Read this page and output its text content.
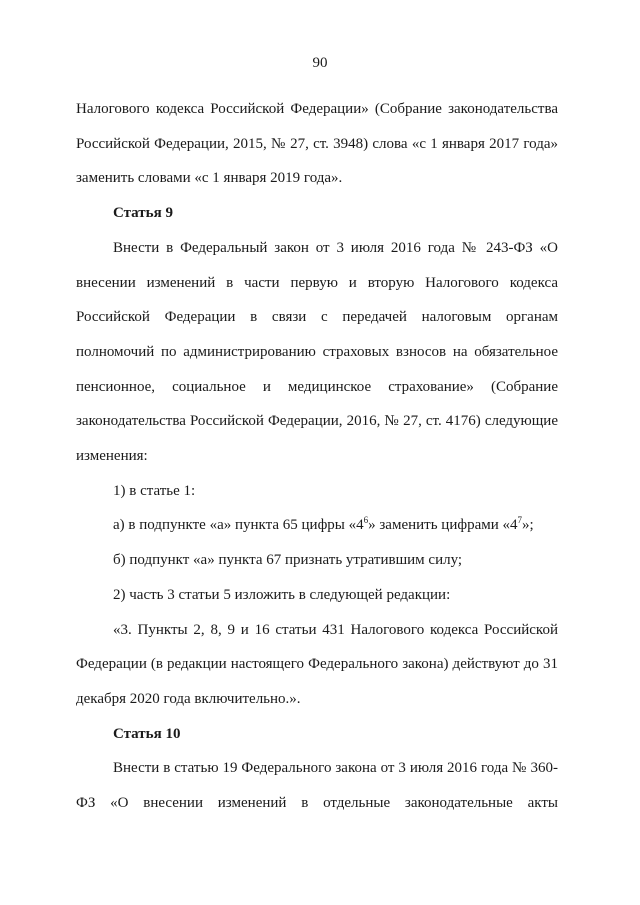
90

Налогового кодекса Российской Федерации» (Собрание законодательства Российской Федерации, 2015, № 27, ст. 3948) слова «с 1 января 2017 года» заменить словами «с 1 января 2019 года».

Статья 9

Внести в Федеральный закон от 3 июля 2016 года № 243-ФЗ «О внесении изменений в части первую и вторую Налогового кодекса Российской Федерации в связи с передачей налоговым органам полномочий по администрированию страховых взносов на обязательное пенсионное, социальное и медицинское страхование» (Собрание законодательства Российской Федерации, 2016, № 27, ст. 4176) следующие изменения:

1) в статье 1:

а) в подпункте «а» пункта 65 цифры «$4^6$» заменить цифрами «$4^7$»;

б) подпункт «а» пункта 67 признать утратившим силу;

2) часть 3 статьи 5 изложить в следующей редакции:

«3. Пункты 2, 8, 9 и 16 статьи 431 Налогового кодекса Российской Федерации (в редакции настоящего Федерального закона) действуют до 31 декабря 2020 года включительно.».

Статья 10

Внести в статью 19 Федерального закона от 3 июля 2016 года № 360-ФЗ «О внесении изменений в отдельные законодательные акты
